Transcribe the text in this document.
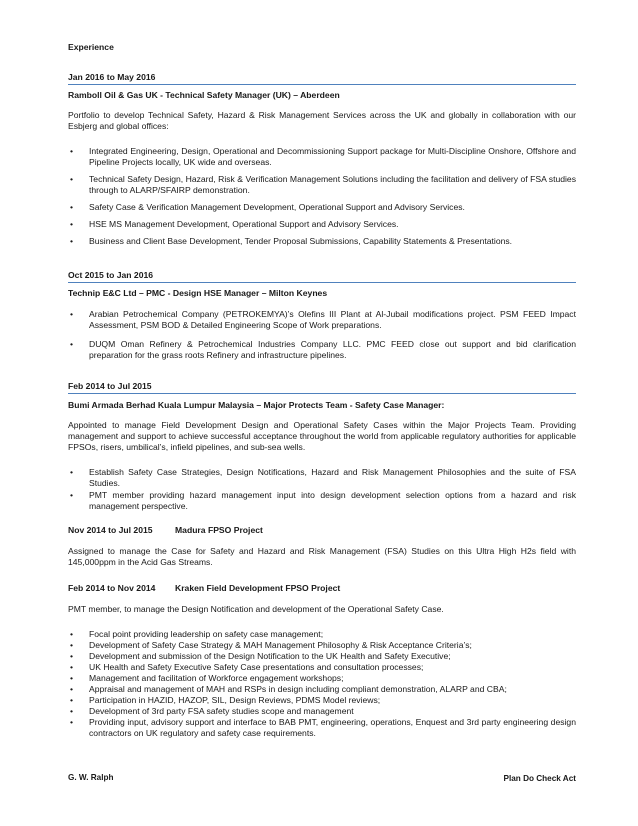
Experience
Jan 2016 to May 2016
Ramboll Oil & Gas UK - Technical Safety Manager (UK) – Aberdeen
Portfolio to develop Technical Safety, Hazard & Risk Management Services across the UK and globally in collaboration with our Esbjerg and global offices:
• Integrated Engineering, Design, Operational and Decommissioning Support package for Multi-Discipline Onshore, Offshore and Pipeline Projects locally, UK wide and overseas.
• Technical Safety Design, Hazard, Risk & Verification Management Solutions including the facilitation and delivery of FSA studies through to ALARP/SFAIRP demonstration.
• Safety Case & Verification Management Development, Operational Support and Advisory Services.
• HSE MS Management Development, Operational Support and Advisory Services.
• Business and Client Base Development, Tender Proposal Submissions, Capability Statements & Presentations.
Oct 2015 to Jan 2016
Technip E&C Ltd – PMC - Design HSE Manager – Milton Keynes
• Arabian Petrochemical Company (PETROKEMYA)’s Olefins III Plant at Al-Jubail modifications project. PSM FEED Impact Assessment, PSM BOD & Detailed Engineering Scope of Work preparations.
• DUQM Oman Refinery & Petrochemical Industries Company LLC. PMC FEED close out support and bid clarification preparation for the grass roots Refinery and infrastructure pipelines.
Feb 2014 to Jul 2015
Bumi Armada Berhad Kuala Lumpur Malaysia – Major Protects Team - Safety Case Manager:
Appointed to manage Field Development Design and Operational Safety Cases within the Major Projects Team. Providing management and support to achieve successful acceptance throughout the world from applicable regulatory authorities for applicable FPSOs, risers, umbilical’s, infield pipelines, and sub-sea wells.
• Establish Safety Case Strategies, Design Notifications, Hazard and Risk Management Philosophies and the suite of FSA Studies.
• PMT member providing hazard management input into design development selection options from a hazard and risk management perspective.
Nov 2014 to Jul 2015	Madura FPSO Project
Assigned to manage the Case for Safety and Hazard and Risk Management (FSA) Studies on this Ultra High H2s field with 145,000ppm in the Acid Gas Streams.
Feb 2014 to Nov 2014 Kraken Field Development FPSO Project
PMT member, to manage the Design Notification and development of the Operational Safety Case.
• Focal point providing leadership on safety case management;
• Development of Safety Case Strategy & MAH Management Philosophy & Risk Acceptance Criteria’s;
• Development and submission of the Design Notification to the UK Health and Safety Executive;
• UK Health and Safety Executive Safety Case presentations and consultation processes;
• Management and facilitation of Workforce engagement workshops;
• Appraisal and management of MAH and RSPs in design including compliant demonstration, ALARP and CBA;
• Participation in HAZID, HAZOP, SIL, Design Reviews, PDMS Model reviews;
• Development of 3rd party FSA safety studies scope and management
• Providing input, advisory support and interface to BAB PMT, engineering, operations, Enquest and 3rd party engineering design contractors on UK regulatory and safety case requirements.
G. W. Ralph	Plan Do Check Act
